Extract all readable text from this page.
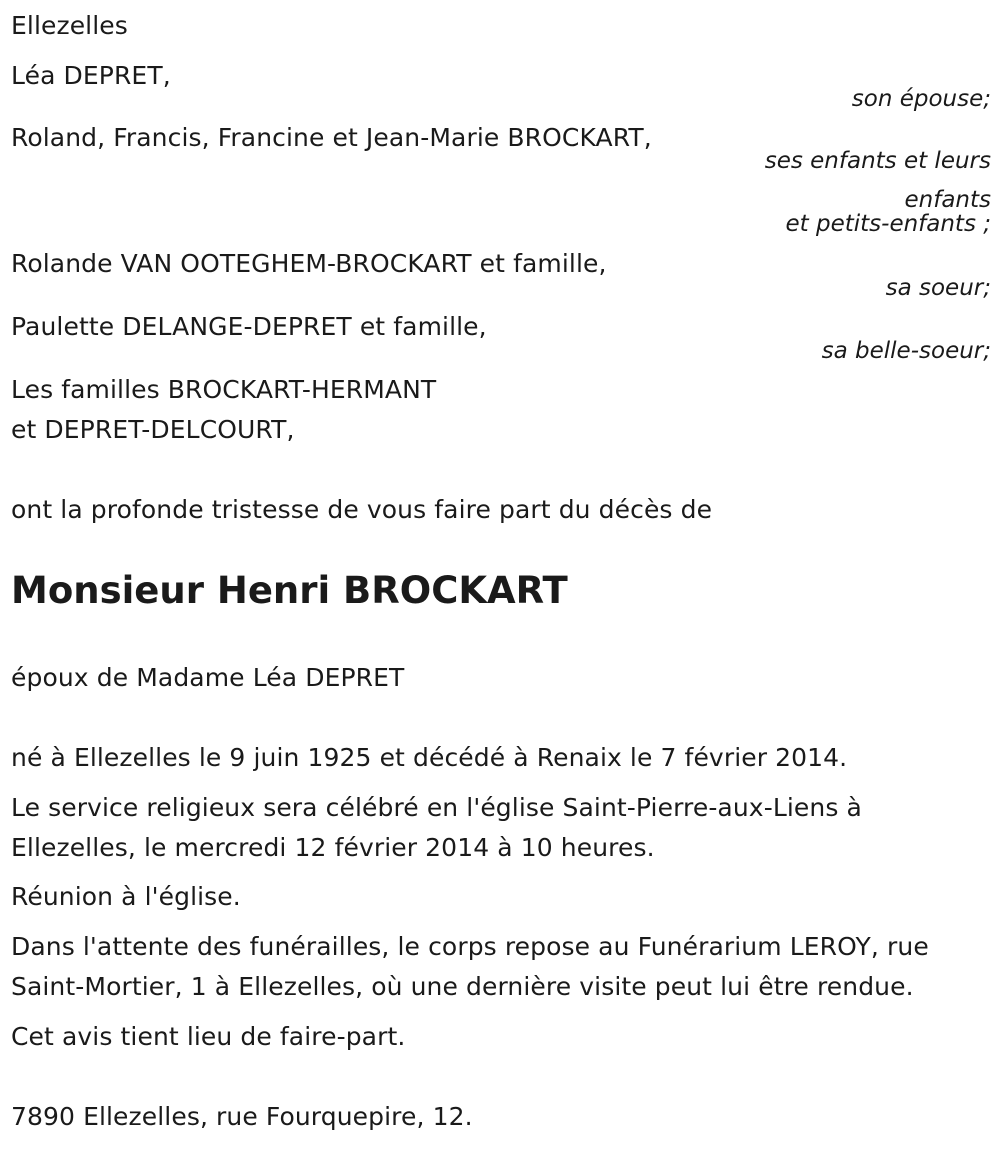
Ellezelles
Léa DEPRET,
son épouse;
Roland, Francis, Francine et Jean-Marie BROCKART,
ses enfants et leurs
enfants
et petits-enfants ;
Rolande VAN OOTEGHEM-BROCKART et famille,
sa soeur;
Paulette DELANGE-DEPRET et famille,
sa belle-soeur;
Les familles BROCKART-HERMANT
et DEPRET-DELCOURT,
ont la profonde tristesse de vous faire part du décès de
Monsieur Henri BROCKART
époux de Madame Léa DEPRET
né à Ellezelles le 9 juin 1925 et décédé à Renaix le 7 février 2014.
Le service religieux sera célébré en l'église Saint-Pierre-aux-Liens à
Ellezelles, le mercredi 12 février 2014 à 10 heures.
Réunion à l'église.
Dans l'attente des funérailles, le corps repose au Funérarium LEROY, rue
Saint-Mortier, 1 à Ellezelles, où une dernière visite peut lui être rendue.
Cet avis tient lieu de faire-part.
7890 Ellezelles, rue Fourquepire, 12.
